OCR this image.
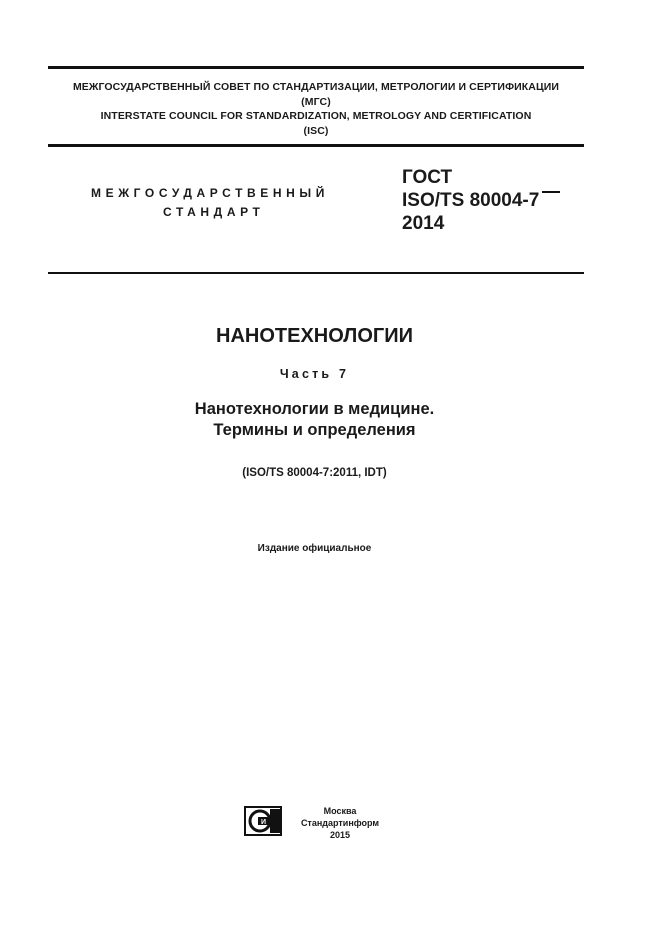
МЕЖГОСУДАРСТВЕННЫЙ СОВЕТ ПО СТАНДАРТИЗАЦИИ, МЕТРОЛОГИИ И СЕРТИФИКАЦИИ
(МГС)
INTERSTATE COUNCIL FOR STANDARDIZATION, METROLOGY AND CERTIFICATION
(ISC)
МЕЖГОСУДАРСТВЕННЫЙ
СТАНДАРТ
ГОСТ
ISO/TS 80004-7
2014
НАНОТЕХНОЛОГИИ
Часть 7
Нанотехнологии в медицине.
Термины и определения
(ISO/TS 80004-7:2011, IDT)
Издание официальное
И
Москва
Стандартинформ
2015
